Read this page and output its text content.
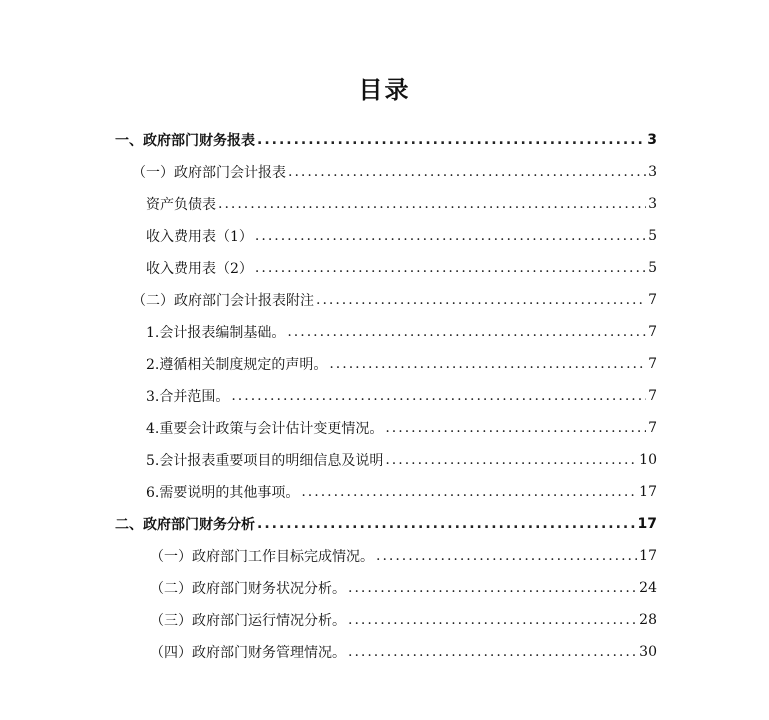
目录
一、政府部门财务报表 .....	3
（一）政府部门会计报表 .....	3
资产负债表 .....	3
收入费用表（1） .....	5
收入费用表（2） .....	5
（二）政府部门会计报表附注 .....	7
1.会计报表编制基础。 .....	7
2.遵循相关制度规定的声明。 .....	7
3.合并范围。 .....	7
4.重要会计政策与会计估计变更情况。 .....	7
5.会计报表重要项目的明细信息及说明 .....	10
6.需要说明的其他事项。 .....	17
二、政府部门财务分析 .....	17
（一）政府部门工作目标完成情况。 .....	17
（二）政府部门财务状况分析。 .....	24
（三）政府部门运行情况分析。 .....	28
（四）政府部门财务管理情况。 .....	30
